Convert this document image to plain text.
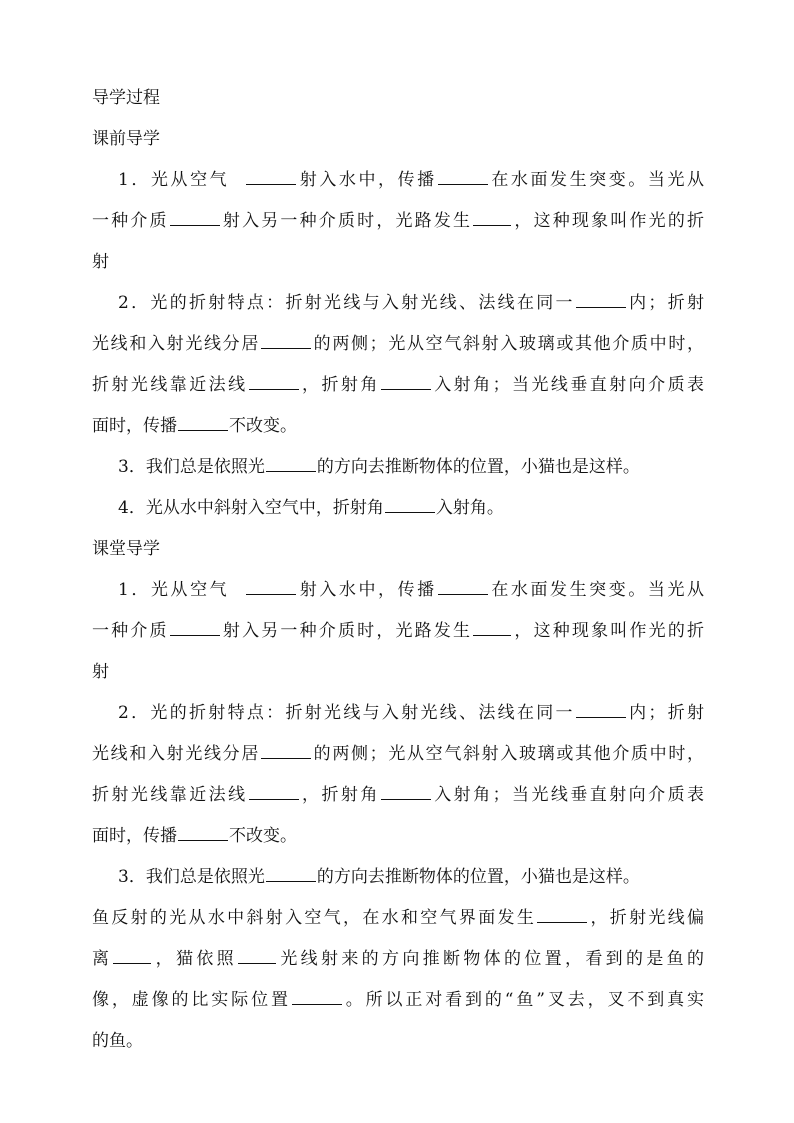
导学过程
课前导学
1．光从空气	射入水中，传播	在水面发生突变。当光从
一种介质	射入另一种介质时，光路发生 ，这种现象叫作光的折
射
2．光的折射特点：折射光线与入射光线、法线在同一	内；折射
光线和入射光线分居	的两侧；光从空气斜射入玻璃或其他介质中时，
折射光线靠近法线	，折射角	入射角；当光线垂直射向介质表
面时，传播	不改变。
3．我们总是依照光	的方向去推断物体的位置，小猫也是这样。
4．光从水中斜射入空气中，折射角	入射角。
课堂导学
1．光从空气	射入水中，传播	在水面发生突变。当光从
一种介质	射入另一种介质时，光路发生 ，这种现象叫作光的折
射
2．光的折射特点：折射光线与入射光线、法线在同一	内；折射
光线和入射光线分居	的两侧；光从空气斜射入玻璃或其他介质中时，
折射光线靠近法线	，折射角	入射角；当光线垂直射向介质表
面时，传播	不改变。
3．我们总是依照光	的方向去推断物体的位置，小猫也是这样。
鱼反射的光从水中斜射入空气，在水和空气界面发生	，折射光线偏
离 ，猫依照 光线射来的方向推断物体的位置，看到的是鱼的
像，虚像的比实际位置	。所以正对看到的“鱼”叉去，叉不到真实
的鱼。
